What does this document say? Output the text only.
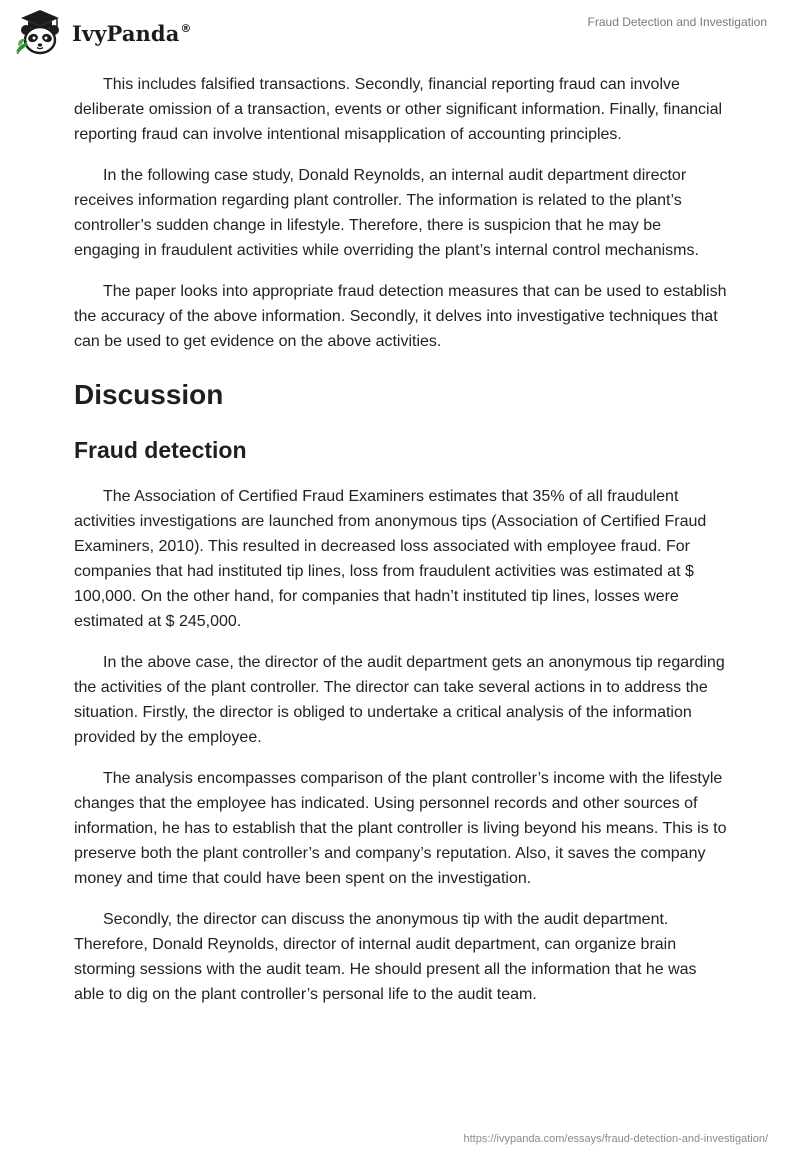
IvyPanda®	Fraud Detection and Investigation

This includes falsified transactions. Secondly, financial reporting fraud can involve deliberate omission of a transaction, events or other significant information. Finally, financial reporting fraud can involve intentional misapplication of accounting principles.

In the following case study, Donald Reynolds, an internal audit department director receives information regarding plant controller. The information is related to the plant’s controller’s sudden change in lifestyle. Therefore, there is suspicion that he may be engaging in fraudulent activities while overriding the plant’s internal control mechanisms.

The paper looks into appropriate fraud detection measures that can be used to establish the accuracy of the above information. Secondly, it delves into investigative techniques that can be used to get evidence on the above activities.

Discussion
Fraud detection

The Association of Certified Fraud Examiners estimates that 35% of all fraudulent activities investigations are launched from anonymous tips (Association of Certified Fraud Examiners, 2010). This resulted in decreased loss associated with employee fraud. For companies that had instituted tip lines, loss from fraudulent activities was estimated at $ 100,000. On the other hand, for companies that hadn’t instituted tip lines, losses were estimated at $ 245,000.

In the above case, the director of the audit department gets an anonymous tip regarding the activities of the plant controller. The director can take several actions in to address the situation. Firstly, the director is obliged to undertake a critical analysis of the information provided by the employee.

The analysis encompasses comparison of the plant controller’s income with the lifestyle changes that the employee has indicated. Using personnel records and other sources of information, he has to establish that the plant controller is living beyond his means. This is to preserve both the plant controller’s and company’s reputation. Also, it saves the company money and time that could have been spent on the investigation.

Secondly, the director can discuss the anonymous tip with the audit department. Therefore, Donald Reynolds, director of internal audit department, can organize brain storming sessions with the audit team. He should present all the information that he was able to dig on the plant controller’s personal life to the audit team.

https://ivypanda.com/essays/fraud-detection-and-investigation/
